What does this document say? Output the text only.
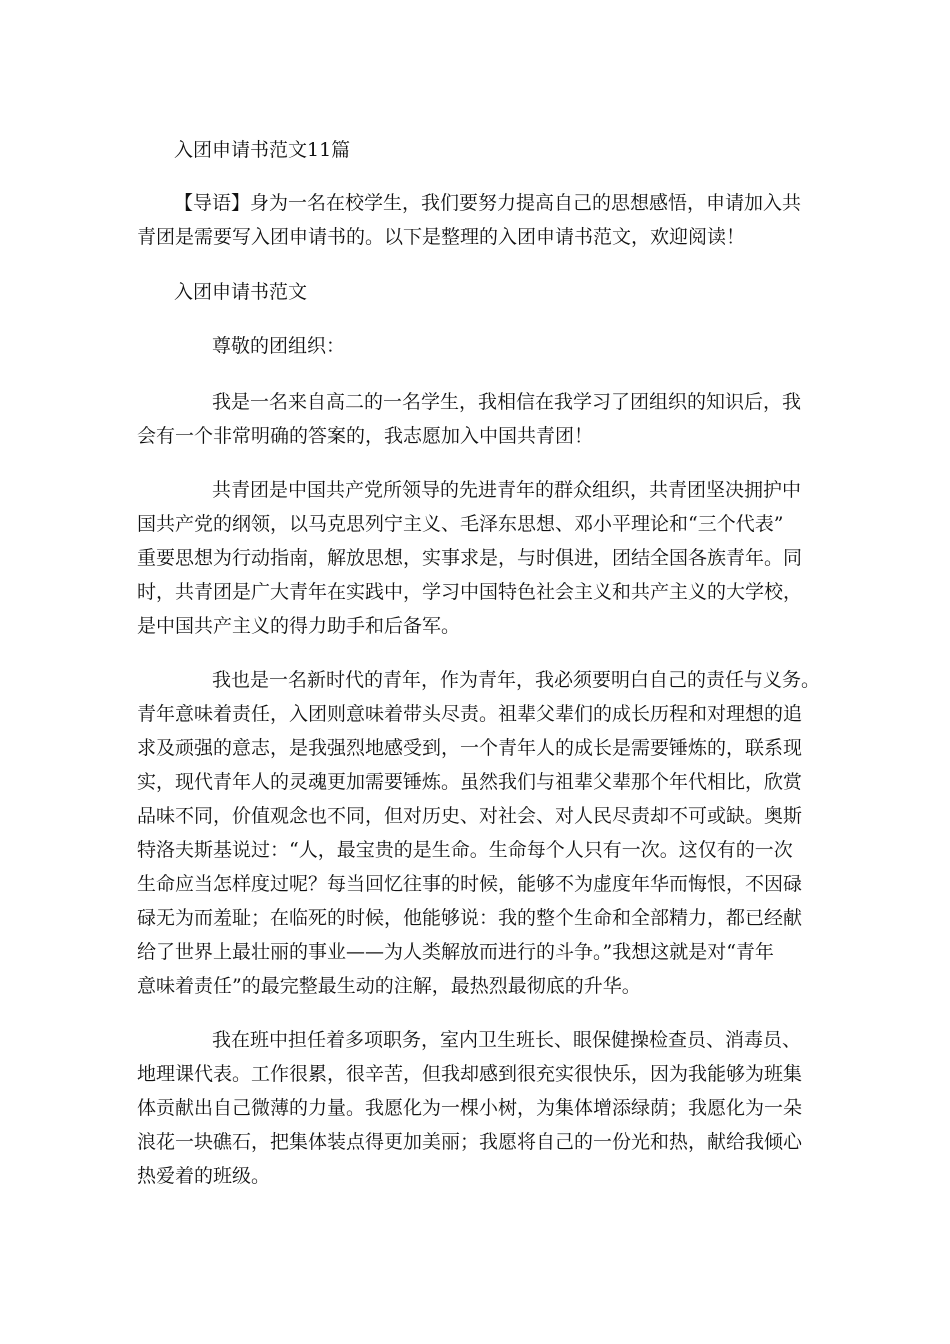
入团申请书范文11篇
【导语】身为一名在校学生，我们要努力提高自己的思想感悟，申请加入共
青团是需要写入团申请书的。以下是整理的入团申请书范文，欢迎阅读！
入团申请书范文
尊敬的团组织：
我是一名来自高二的一名学生，我相信在我学习了团组织的知识后，我
会有一个非常明确的答案的，我志愿加入中国共青团！
共青团是中国共产党所领导的先进青年的群众组织，共青团坚决拥护中
国共产党的纲领，以马克思列宁主义、毛泽东思想、邓小平理论和“三个代表”
重要思想为行动指南，解放思想，实事求是，与时俱进，团结全国各族青年。同
时，共青团是广大青年在实践中，学习中国特色社会主义和共产主义的大学校，
是中国共产主义的得力助手和后备军。
我也是一名新时代的青年，作为青年，我必须要明白自己的责任与义务。
青年意味着责任，入团则意味着带头尽责。祖辈父辈们的成长历程和对理想的追
求及顽强的意志，是我强烈地感受到，一个青年人的成长是需要锤炼的，联系现
实，现代青年人的灵魂更加需要锤炼。虽然我们与祖辈父辈那个年代相比，欣赏
品味不同，价值观念也不同，但对历史、对社会、对人民尽责却不可或缺。奥斯
特洛夫斯基说过：“人，最宝贵的是生命。生命每个人只有一次。这仅有的一次
生命应当怎样度过呢？每当回忆往事的时候，能够不为虚度年华而悔恨，不因碌
碌无为而羞耻；在临死的时候，他能够说：我的整个生命和全部精力，都已经献
给了世界上最壮丽的事业——为人类解放而进行的斗争。”我想这就是对“青年
意味着责任”的最完整最生动的注解，最热烈最彻底的升华。
我在班中担任着多项职务，室内卫生班长、眼保健操检查员、消毒员、
地理课代表。工作很累，很辛苦，但我却感到很充实很快乐，因为我能够为班集
体贡献出自己微薄的力量。我愿化为一棵小树，为集体增添绿荫；我愿化为一朵
浪花一块礁石，把集体装点得更加美丽；我愿将自己的一份光和热，献给我倾心
热爱着的班级。
